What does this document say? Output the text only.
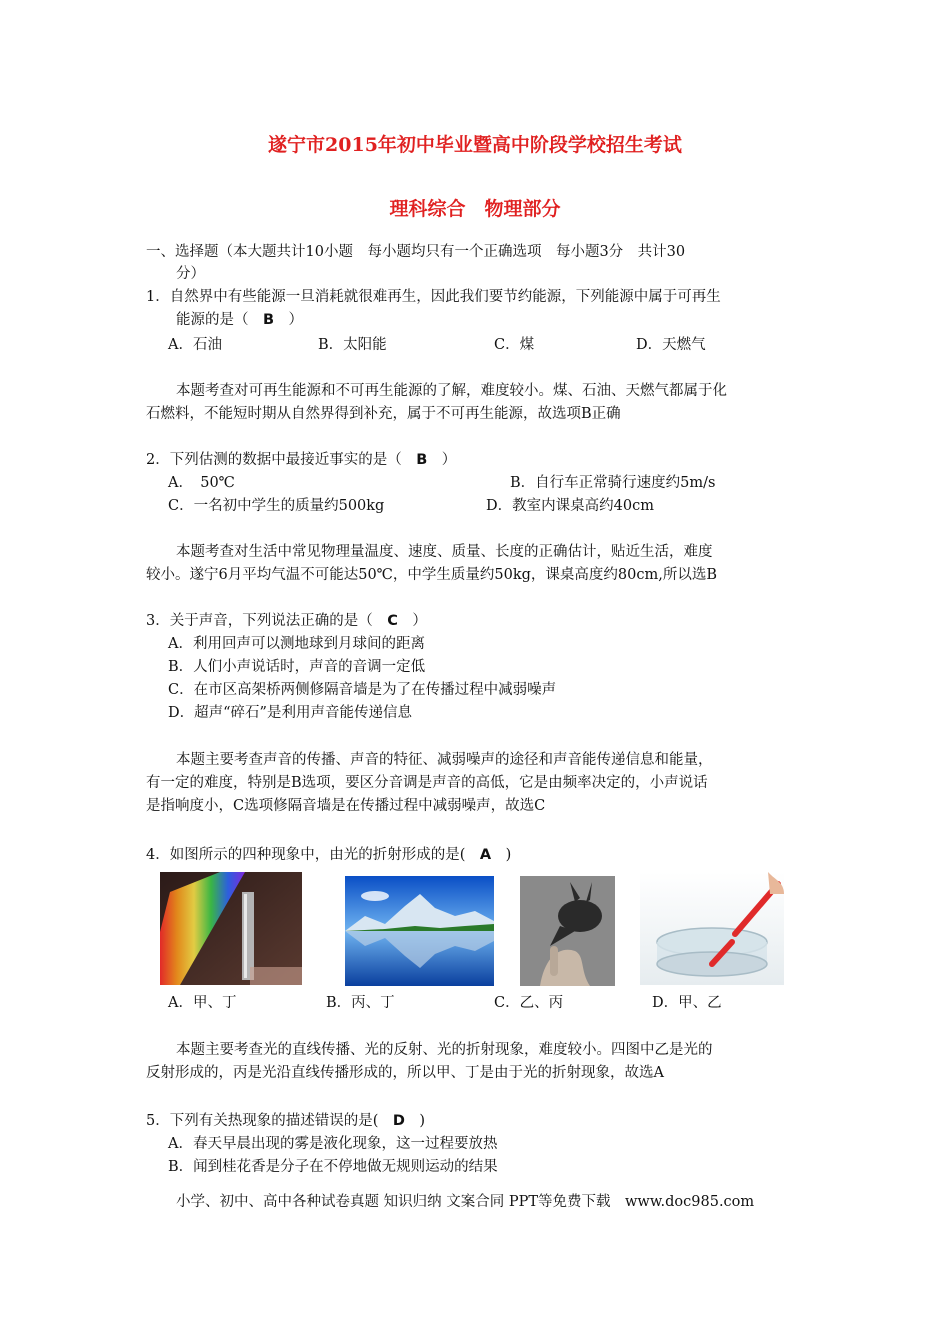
遂宁市2015年初中毕业暨高中阶段学校招生考试
理科综合　物理部分
一、选择题（本大题共计10小题　每小题均只有一个正确选项　每小题3分　共计30
分）
1．自然界中有些能源一旦消耗就很难再生，因此我们要节约能源，下列能源中属于可再生
能源的是（　B　）
A．石油	B．太阳能	C．煤	D．天燃气
本题考查对可再生能源和不可再生能源的了解，难度较小。煤、石油、天燃气都属于化
石燃料，不能短时期从自然界得到补充，属于不可再生能源，故选项B正确
2．下列估测的数据中最接近事实的是（　B　）
A．　50℃	B．自行车正常骑行速度约5m/s
C．一名初中学生的质量约500kg	D．教室内课桌高约40cm
本题考查对生活中常见物理量温度、速度、质量、长度的正确估计，贴近生活，难度
较小。遂宁6月平均气温不可能达50℃，中学生质量约50kg，课桌高度约80cm,所以选B
3．关于声音，下列说法正确的是（　C　）
A．利用回声可以测地球到月球间的距离
B．人们小声说话时，声音的音调一定低
C．在市区高架桥两侧修隔音墙是为了在传播过程中减弱噪声
D．超声“碎石”是利用声音能传递信息
本题主要考查声音的传播、声音的特征、减弱噪声的途径和声音能传递信息和能量，
有一定的难度，特别是B选项，要区分音调是声音的高低，它是由频率决定的，小声说话
是指响度小，C选项修隔音墙是在传播过程中减弱噪声，故选C
4．如图所示的四种现象中，由光的折射形成的是(　A　)
A．甲、丁	B．丙、丁	C．乙、丙	D．甲、乙
本题主要考查光的直线传播、光的反射、光的折射现象，难度较小。四图中乙是光的
反射形成的，丙是光沿直线传播形成的，所以甲、丁是由于光的折射现象，故选A
5．下列有关热现象的描述错误的是(　D　)
A．春天早晨出现的雾是液化现象，这一过程要放热
B．闻到桂花香是分子在不停地做无规则运动的结果
小学、初中、高中各种试卷真题 知识归纳 文案合同 PPT等免费下载　www.doc985.com
